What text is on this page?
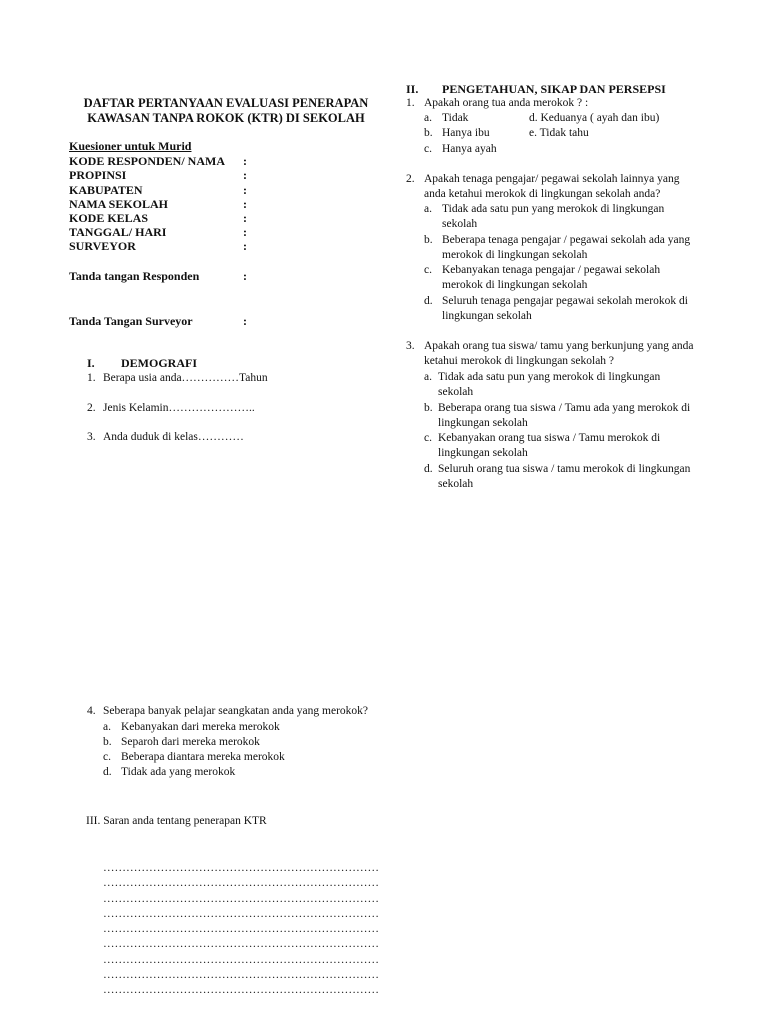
DAFTAR PERTANYAAN EVALUASI PENERAPAN
KAWASAN TANPA ROKOK (KTR) DI SEKOLAH
Kuesioner untuk Murid
KODE RESPONDEN/ NAMA :
PROPINSI	:
KABUPATEN	:
NAMA SEKOLAH	:
KODE KELAS	:
TANGGAL/ HARI	:
SURVEYOR	:
Tanda tangan Responden	:
Tanda Tangan Surveyor	:
I. DEMOGRAFI
1. Berapa usia anda……………Tahun
2. Jenis Kelamin…………………..
3. Anda duduk di kelas…………
4. Seberapa banyak pelajar seangkatan anda yang merokok?
a. Kebanyakan dari mereka merokok
b. Separoh dari mereka merokok
c. Beberapa diantara mereka merokok
d. Tidak ada yang merokok
III. Saran anda tentang penerapan KTR
………………………………………………………………
………………………………………………………………
………………………………………………………………
………………………………………………………………
………………………………………………………………
………………………………………………………………
………………………………………………………………
………………………………………………………………
………………………………………………………………
II. PENGETAHUAN, SIKAP DAN PERSEPSI
1. Apakah orang tua anda merokok ? :
a. Tidak	d. Keduanya ( ayah dan ibu)
b. Hanya ibu	e. Tidak tahu
c. Hanya ayah
2. Apakah tenaga pengajar/ pegawai sekolah lainnya yang
anda ketahui merokok di lingkungan sekolah anda?
a. Tidak ada satu pun yang merokok di lingkungan
sekolah
b. Beberapa tenaga pengajar / pegawai sekolah ada yang
merokok di lingkungan sekolah
c. Kebanyakan tenaga pengajar / pegawai sekolah
merokok di lingkungan sekolah
d. Seluruh tenaga pengajar pegawai sekolah merokok di
lingkungan sekolah
3. Apakah orang tua siswa/ tamu yang berkunjung yang anda
ketahui merokok di lingkungan sekolah ?
a. Tidak ada satu pun yang merokok di lingkungan
sekolah
b. Beberapa orang tua siswa / Tamu ada yang merokok di
lingkungan sekolah
c. Kebanyakan orang tua siswa / Tamu merokok di
lingkungan sekolah
d. Seluruh orang tua siswa / tamu merokok di lingkungan
sekolah
